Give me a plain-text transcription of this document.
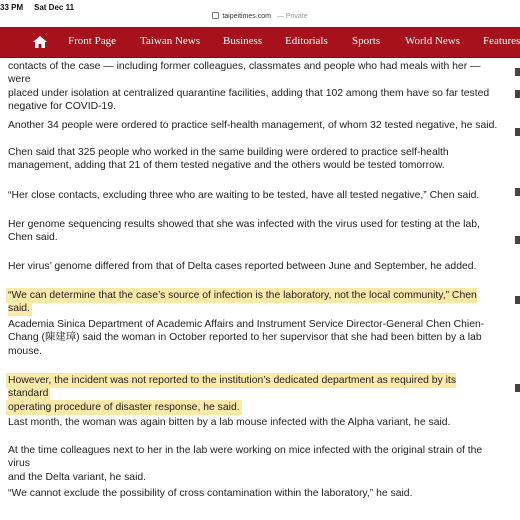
33 PM Sat Dec 11
taipeitimes.com — Private
Front Page Taiwan News Business Editorials Sports World News Features

contacts of the case — including former colleagues, classmates and people who had meals with her — were
placed under isolation at centralized quarantine facilities, adding that 102 among them have so far tested
negative for COVID-19.

Another 34 people were ordered to practice self-health management, of whom 32 tested negative, he said.

Chen said that 325 people who worked in the same building were ordered to practice self-health
management, adding that 21 of them tested negative and the others would be tested tomorrow.

“Her close contacts, excluding three who are waiting to be tested, have all tested negative,” Chen said.

Her genome sequencing results showed that she was infected with the virus used for testing at the lab,
Chen said.

Her virus’ genome differed from that of Delta cases reported between June and September, he added.

“We can determine that the case’s source of infection is the laboratory, not the local community,” Chen said.

Academia Sinica Department of Academic Affairs and Instrument Service Director-General Chen Chien-
Chang (陳建璋) said the woman in October reported to her supervisor that she had been bitten by a lab
mouse.

However, the incident was not reported to the institution’s dedicated department as required by its standard
operating procedure of disaster response, he said.

Last month, the woman was again bitten by a lab mouse infected with the Alpha variant, he said.

At the time colleagues next to her in the lab were working on mice infected with the original strain of the virus
and the Delta variant, he said.

“We cannot exclude the possibility of cross contamination within the laboratory,” he said.
